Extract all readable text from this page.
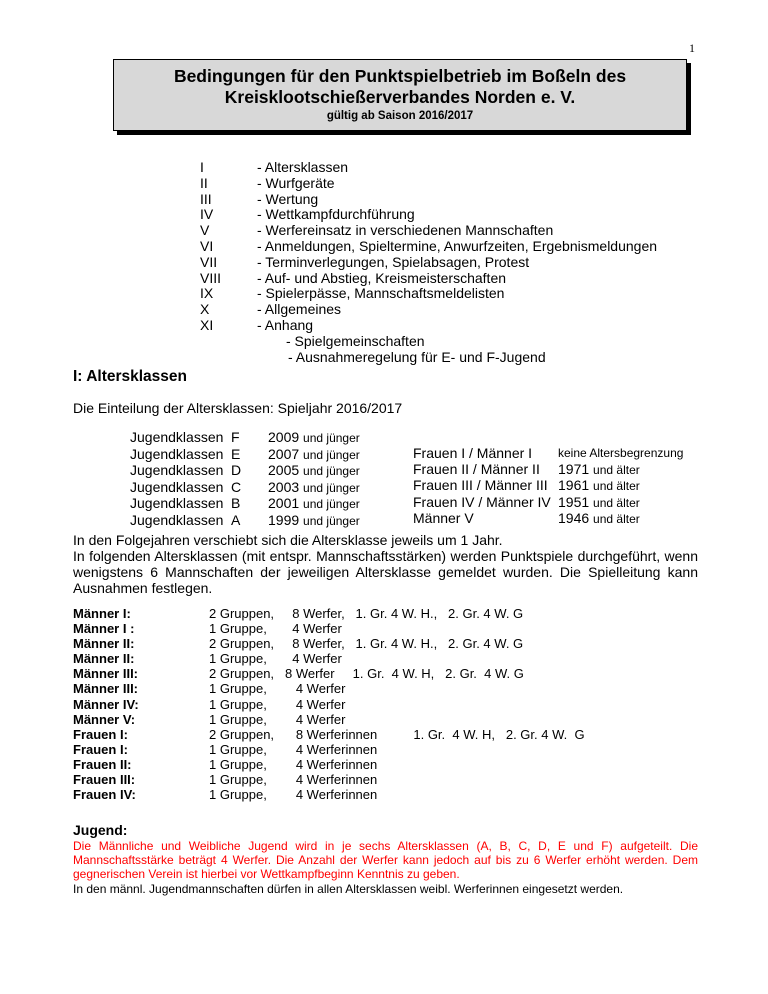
1
Bedingungen für den Punktspielbetrieb im Boßeln des
Kreisklootschießerverbandes Norden e. V.
gültig ab Saison 2016/2017
I	- Altersklassen
II	- Wurfgeräte
III	- Wertung
IV	- Wettkampfdurchführung
V	- Werfereinsatz in verschiedenen Mannschaften
VI	- Anmeldungen, Spieltermine, Anwurfzeiten, Ergebnismeldungen
VII	- Terminverlegungen, Spielabsagen, Protest
VIII	- Auf- und Abstieg, Kreismeisterschaften
IX	- Spielerpässe, Mannschaftsmeldelisten
X	- Allgemeines
XI	- Anhang
- Spielgemeinschaften
- Ausnahmeregelung für E- und F-Jugend
I: Altersklassen
Die Einteilung der Altersklassen: Spieljahr 2016/2017
Jugendklassen F	2009 und jünger
Jugendklassen E	2007 und jünger
Jugendklassen D	2005 und jünger
Jugendklassen C	2003 und jünger
Jugendklassen B	2001 und jünger
Jugendklassen A	1999 und jünger
Frauen I / Männer I	keine Altersbegrenzung
Frauen II / Männer II	1971 und älter
Frauen III / Männer III 1961 und älter
Frauen IV / Männer IV 1951 und älter
Männer V	1946 und älter
In den Folgejahren verschiebt sich die Altersklasse jeweils um 1 Jahr.
In folgenden Altersklassen (mit entspr. Mannschaftsstärken) werden Punktspiele durchgeführt, wenn wenigstens 6 Mannschaften der jeweiligen Altersklasse gemeldet wurden. Die Spielleitung kann Ausnahmen festlegen.
Männer I:	2 Gruppen, 8 Werfer,   1. Gr. 4 W. H.,   2. Gr. 4 W. G
Männer I :	1 Gruppe,	4 Werfer
Männer II:	2 Gruppen, 8 Werfer,   1. Gr. 4 W. H.,   2. Gr. 4 W. G
Männer II:	1 Gruppe,	4 Werfer
Männer III:	2 Gruppen, 8 Werfer     1. Gr.  4 W. H,   2. Gr.  4 W. G
Männer III:	1 Gruppe,	4 Werfer
Männer IV:	1 Gruppe,	4 Werfer
Männer V:	1 Gruppe,	4 Werfer
Frauen I:	2 Gruppen, 8 Werferinnen          1. Gr.  4 W. H,   2. Gr. 4 W.  G
Frauen I:	1 Gruppe,	4 Werferinnen
Frauen II:	1 Gruppe,	4 Werferinnen
Frauen III:	1 Gruppe,	4 Werferinnen
Frauen IV:	1 Gruppe,	4 Werferinnen
Jugend:
Die Männliche und Weibliche Jugend wird in je sechs Altersklassen (A, B, C, D, E und F) aufgeteilt. Die Mannschaftsstärke beträgt 4 Werfer. Die Anzahl der Werfer kann jedoch auf bis zu 6 Werfer erhöht werden. Dem gegnerischen Verein ist hierbei vor Wettkampfbeginn Kenntnis zu geben.
In den männl. Jugendmannschaften dürfen in allen Altersklassen weibl. Werferinnen eingesetzt werden.
